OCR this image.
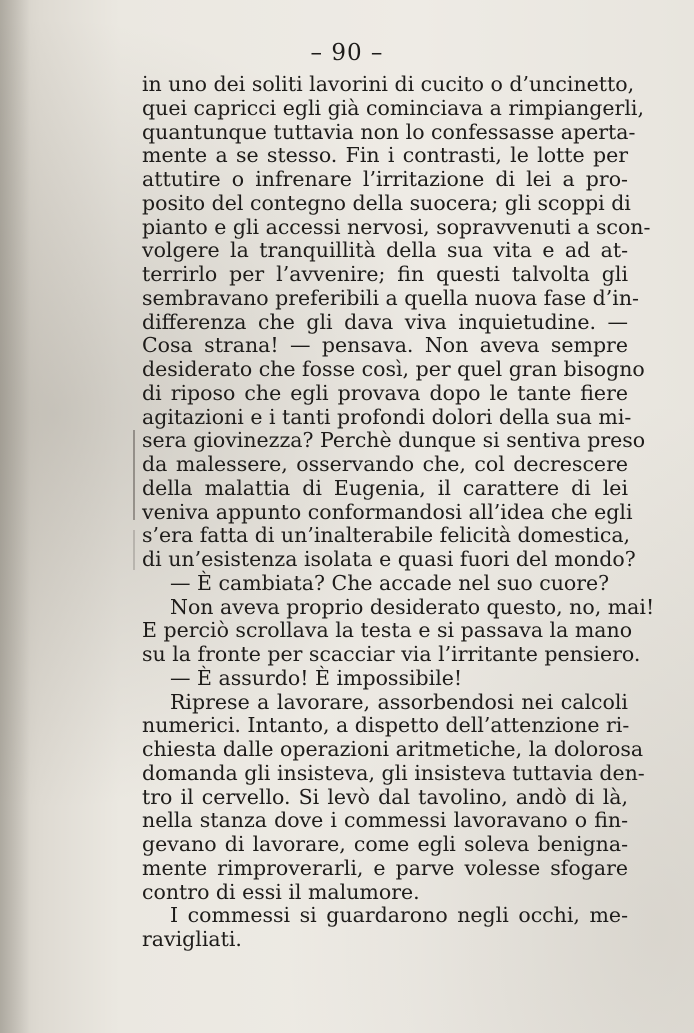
– 90 –
in uno dei soliti lavorini di cucito o d’uncinetto,
quei capricci egli già cominciava a rimpiangerli,
quantunque tuttavia non lo confessasse aperta-
mente a se stesso. Fin i contrasti, le lotte per
attutire o infrenare l’irritazione di lei a pro-
posito del contegno della suocera; gli scoppi di
pianto e gli accessi nervosi, sopravvenuti a scon-
volgere la tranquillità della sua vita e ad at-
terrirlo per l’avvenire; fin questi talvolta gli
sembravano preferibili a quella nuova fase d’in-
differenza che gli dava viva inquietudine. —
Cosa strana! — pensava. Non aveva sempre
desiderato che fosse così, per quel gran bisogno
di riposo che egli provava dopo le tante fiere
agitazioni e i tanti profondi dolori della sua mi-
sera giovinezza? Perchè dunque si sentiva preso
da malessere, osservando che, col decrescere
della malattia di Eugenia, il carattere di lei
veniva appunto conformandosi all’idea che egli
s’era fatta di un’inalterabile felicità domestica,
di un’esistenza isolata e quasi fuori del mondo?
— È cambiata? Che accade nel suo cuore?
Non aveva proprio desiderato questo, no, mai!
E perciò scrollava la testa e si passava la mano
su la fronte per scacciar via l’irritante pensiero.
— È assurdo! È impossibile!
Riprese a lavorare, assorbendosi nei calcoli
numerici. Intanto, a dispetto dell’attenzione ri-
chiesta dalle operazioni aritmetiche, la dolorosa
domanda gli insisteva, gli insisteva tuttavia den-
tro il cervello. Si levò dal tavolino, andò di là,
nella stanza dove i commessi lavoravano o fin-
gevano di lavorare, come egli soleva benigna-
mente rimproverarli, e parve volesse sfogare
contro di essi il malumore.
I commessi si guardarono negli occhi, me-
ravigliati.
